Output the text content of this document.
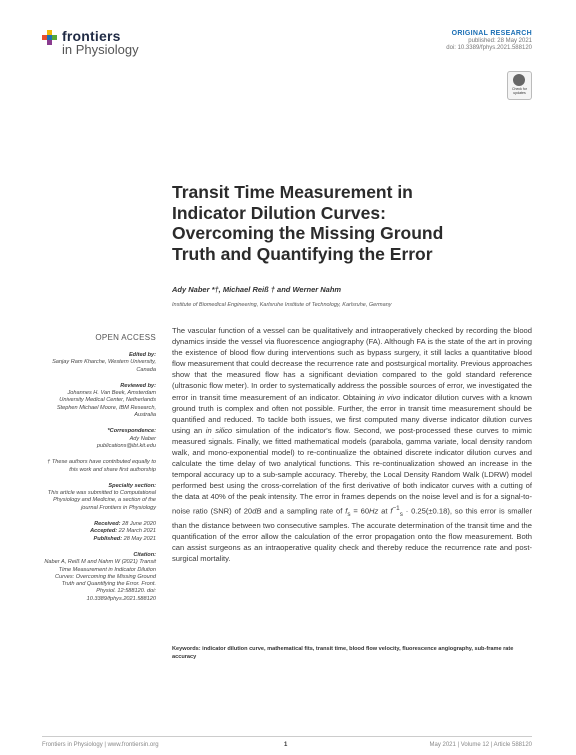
frontiers
in Physiology
ORIGINAL RESEARCH
published: 28 May 2021
doi: 10.3389/fphys.2021.588120
Check for updates
Transit Time Measurement in Indicator Dilution Curves: Overcoming the Missing Ground Truth and Quantifying the Error
Ady Naber *†, Michael Reiß † and Werner Nahm
Institute of Biomedical Engineering, Karlsruhe Institute of Technology, Karlsruhe, Germany
OPEN ACCESS
Edited by:
Sanjay Ram Kharche, Western University, Canada
Reviewed by:
Johannes H. Van Beek, Amsterdam University Medical Center, Netherlands
Stephen Michael Moore, IBM Research, Australia
*Correspondence:
Ady Naber
publications@ibt.kit.edu
† These authors have contributed equally to this work and share first authorship
Specialty section:
This article was submitted to Computational Physiology and Medicine, a section of the journal Frontiers in Physiology
Received: 28 June 2020
Accepted: 22 March 2021
Published: 28 May 2021
Citation:
Naber A, Reiß M and Nahm W (2021) Transit Time Measurement in Indicator Dilution Curves: Overcoming the Missing Ground Truth and Quantifying the Error. Front. Physiol. 12:588120. doi: 10.3389/fphys.2021.588120

The vascular function of a vessel can be qualitatively and intraoperatively checked by recording the blood dynamics inside the vessel via fluorescence angiography (FA). Although FA is the state of the art in proving the existence of blood flow during interventions such as bypass surgery, it still lacks a quantitative blood flow measurement that could decrease the recurrence rate and postsurgical mortality. Previous approaches show that the measured flow has a significant deviation compared to the gold standard reference (ultrasonic flow meter). In order to systematically address the possible sources of error, we investigated the error in transit time measurement of an indicator. Obtaining in vivo indicator dilution curves with a known ground truth is complex and often not possible. Further, the error in transit time measurement should be quantified and reduced. To tackle both issues, we first computed many diverse indicator dilution curves using an in silico simulation of the indicator's flow. Second, we post-processed these curves to mimic measured signals. Finally, we fitted mathematical models (parabola, gamma variate, local density random walk, and mono-exponential model) to re-continualize the obtained discrete indicator dilution curves and calculate the time delay of two analytical functions. This re-continualization showed an increase in the temporal accuracy up to a sub-sample accuracy. Thereby, the Local Density Random Walk (LDRW) model performed best using the cross-correlation of the first derivative of both indicator curves with a cutting of the data at 40% of the peak intensity. The error in frames depends on the noise level and is for a signal-to-noise ratio (SNR) of 20dB and a sampling rate of $f_s = 60Hz$ at $f^{-1}_s \cdot 0.25(\pm 0.18)$, so this error is smaller than the distance between two consecutive samples. The accurate determination of the transit time and the quantification of the error allow the calculation of the error propagation onto the flow measurement. Both can assist surgeons as an intraoperative quality check and thereby reduce the recurrence rate and post-surgical mortality.

Keywords: indicator dilution curve, mathematical fits, transit time, blood flow velocity, fluorescence angiography, sub-frame rate accuracy
Frontiers in Physiology | www.frontiersin.org	1	May 2021 | Volume 12 | Article 588120
